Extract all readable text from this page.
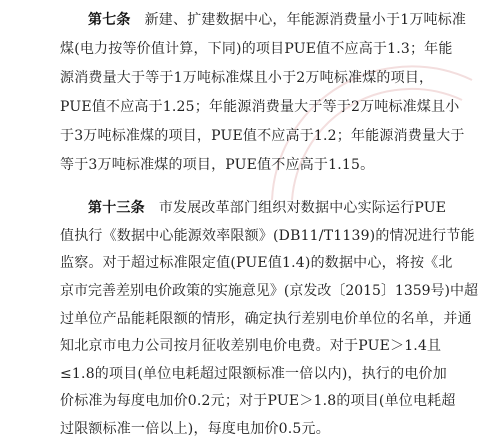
第七条 新建、扩建数据中心，年能源消费量小于1万吨标准
煤(电力按等价值计算，下同)的项目PUE值不应高于1.3；年能
源消费量大于等于1万吨标准煤且小于2万吨标准煤的项目，
PUE值不应高于1.25；年能源消费量大于等于2万吨标准煤且小
于3万吨标准煤的项目，PUE值不应高于1.2；年能源消费量大于
等于3万吨标准煤的项目，PUE值不应高于1.15。
第十三条 市发展改革部门组织对数据中心实际运行PUE
值执行《数据中心能源效率限额》(DB11/T1139)的情况进行节能
监察。对于超过标准限定值(PUE值1.4)的数据中心，将按《北
京市完善差别电价政策的实施意见》(京发改〔2015〕1359号)中超
过单位产品能耗限额的情形，确定执行差别电价单位的名单，并通
知北京市电力公司按月征收差别电价电费。对于PUE＞1.4且
≤1.8的项目(单位电耗超过限额标准一倍以内)，执行的电价加
价标准为每度电加价0.2元；对于PUE＞1.8的项目(单位电耗超
过限额标准一倍以上)，每度电加价0.5元。
